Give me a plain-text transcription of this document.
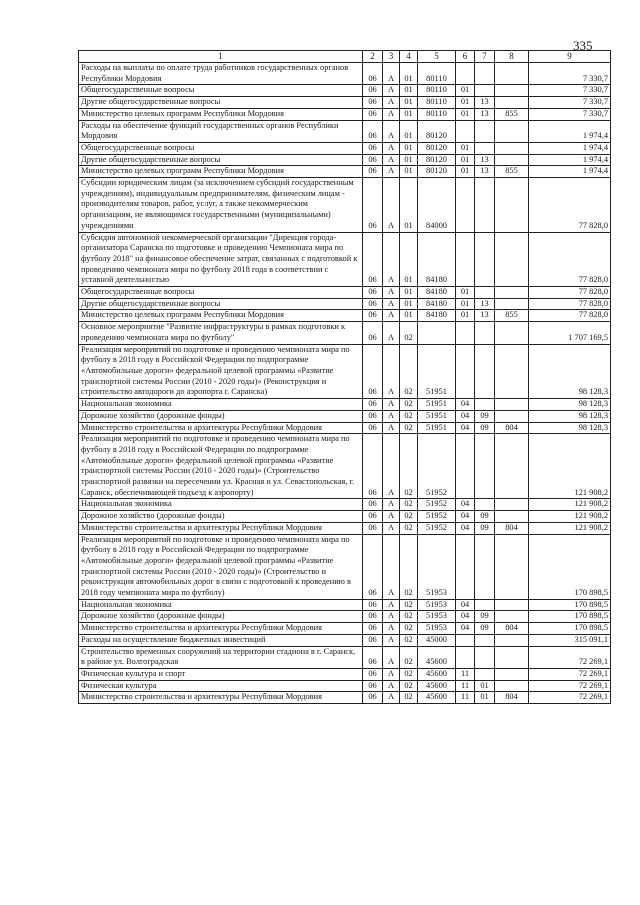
335
1	2	3	4	5	6	7	8	9
Расходы на выплаты по оплате труда работников государственных органов Республики Мордовия	06	А	01	80110				7 330,7
Общегосударственные вопросы	06	А	01	80110	01			7 330,7
Другие общегосударственные вопросы	06	А	01	80110	01	13		7 330,7
Министерство целевых программ Республики Мордовия	06	А	01	80110	01	13	855	7 330,7
Расходы на обеспечение функций государственных органов Республики Мордовия	06	А	01	80120				1 974,4
Общегосударственные вопросы	06	А	01	80120	01			1 974,4
Другие общегосударственные вопросы	06	А	01	80120	01	13		1 974,4
Министерство целевых программ Республики Мордовия	06	А	01	80120	01	13	855	1 974,4
Субсидии юридическим лицам (за исключением субсидий государственным учреждениям), индивидуальным предпринимателям, физическим лицам - производителям товаров, работ, услуг, а также некоммерческим организациям, не являющимся государственными (муниципальными) учреждениями	06	А	01	84000				77 828,0
Субсидия автономной некоммерческой организации "Дирекция города-организатора Саранска по подготовке и проведению Чемпионата мира по футболу 2018" на финансовое обеспечение затрат, связанных с подготовкой к проведению чемпионата мира по футболу 2018 года в соответствии с уставной деятельностью	06	А	01	84180				77 828,0
Общегосударственные вопросы	06	А	01	84180	01			77 828,0
Другие общегосударственные вопросы	06	А	01	84180	01	13		77 828,0
Министерство целевых программ Республики Мордовия	06	А	01	84180	01	13	855	77 828,0
Основное мероприятие "Развитие инфраструктуры в рамках подготовки к проведению чемпионата мира по футболу"	06	А	02					1 707 169,5
Реализация мероприятий по подготовке и проведению чемпионата мира по футболу в 2018 году в Российской Федерации по подпрограмме «Автомобильные дороги» федеральной целевой программы «Развитие транспортной системы России (2010 - 2020 годы)» (Реконструкция и строительство автодороги до аэропорта г. Саранска)	06	А	02	51951				98 128,3
Национальная экономика	06	А	02	51951	04			98 128,3
Дорожное хозяйство (дорожные фонды)	06	А	02	51951	04	09		98 128,3
Министерство строительства и архитектуры Республики Мордовия	06	А	02	51951	04	09	804	98 128,3
Реализация мероприятий по подготовке и проведению чемпионата мира по футболу в 2018 году в Российской Федерации по подпрограмме «Автомобильные дороги» федеральной целевой программы «Развитие транспортной системы России (2010 - 2020 годы)» (Строительство транспортной развязки на пересечении ул. Красная и ул. Севастопольская, г. Саранск, обеспечивающей подъезд к аэропорту)	06	А	02	51952				121 908,2
Национальная экономика	06	А	02	51952	04			121 908,2
Дорожное хозяйство (дорожные фонды)	06	А	02	51952	04	09		121 908,2
Министерство строительства и архитектуры Республики Мордовия	06	А	02	51952	04	09	804	121 908,2
Реализация мероприятий по подготовке и проведению чемпионата мира по футболу в 2018 году в Российской Федерации по подпрограмме «Автомобильные дороги» федеральной целевой программы «Развитие транспортной системы России (2010 - 2020 годы)» (Строительство и реконструкция автомобильных дорог в связи с подготовкой к проведению в 2018 году чемпионата мира по футболу)	06	А	02	51953				170 898,5
Национальная экономика	06	А	02	51953	04			170 898,5
Дорожное хозяйство (дорожные фонды)	06	А	02	51953	04	09		170 898,5
Министерство строительства и архитектуры Республики Мордовия	06	А	02	51953	04	09	804	170 898,5
Расходы на осуществление бюджетных инвестиций	06	А	02	45000				315 091,1
Строительство временных сооружений на территории стадиона в г. Саранск, в районе ул. Волгоградская	06	А	02	45600				72 269,1
Физическая культура и спорт	06	А	02	45600	11			72 269,1
Физическая культура	06	А	02	45600	11	01		72 269,1
Министерство строительства и архитектуры Республики Мордовия	06	А	02	45600	11	01	804	72 269,1
